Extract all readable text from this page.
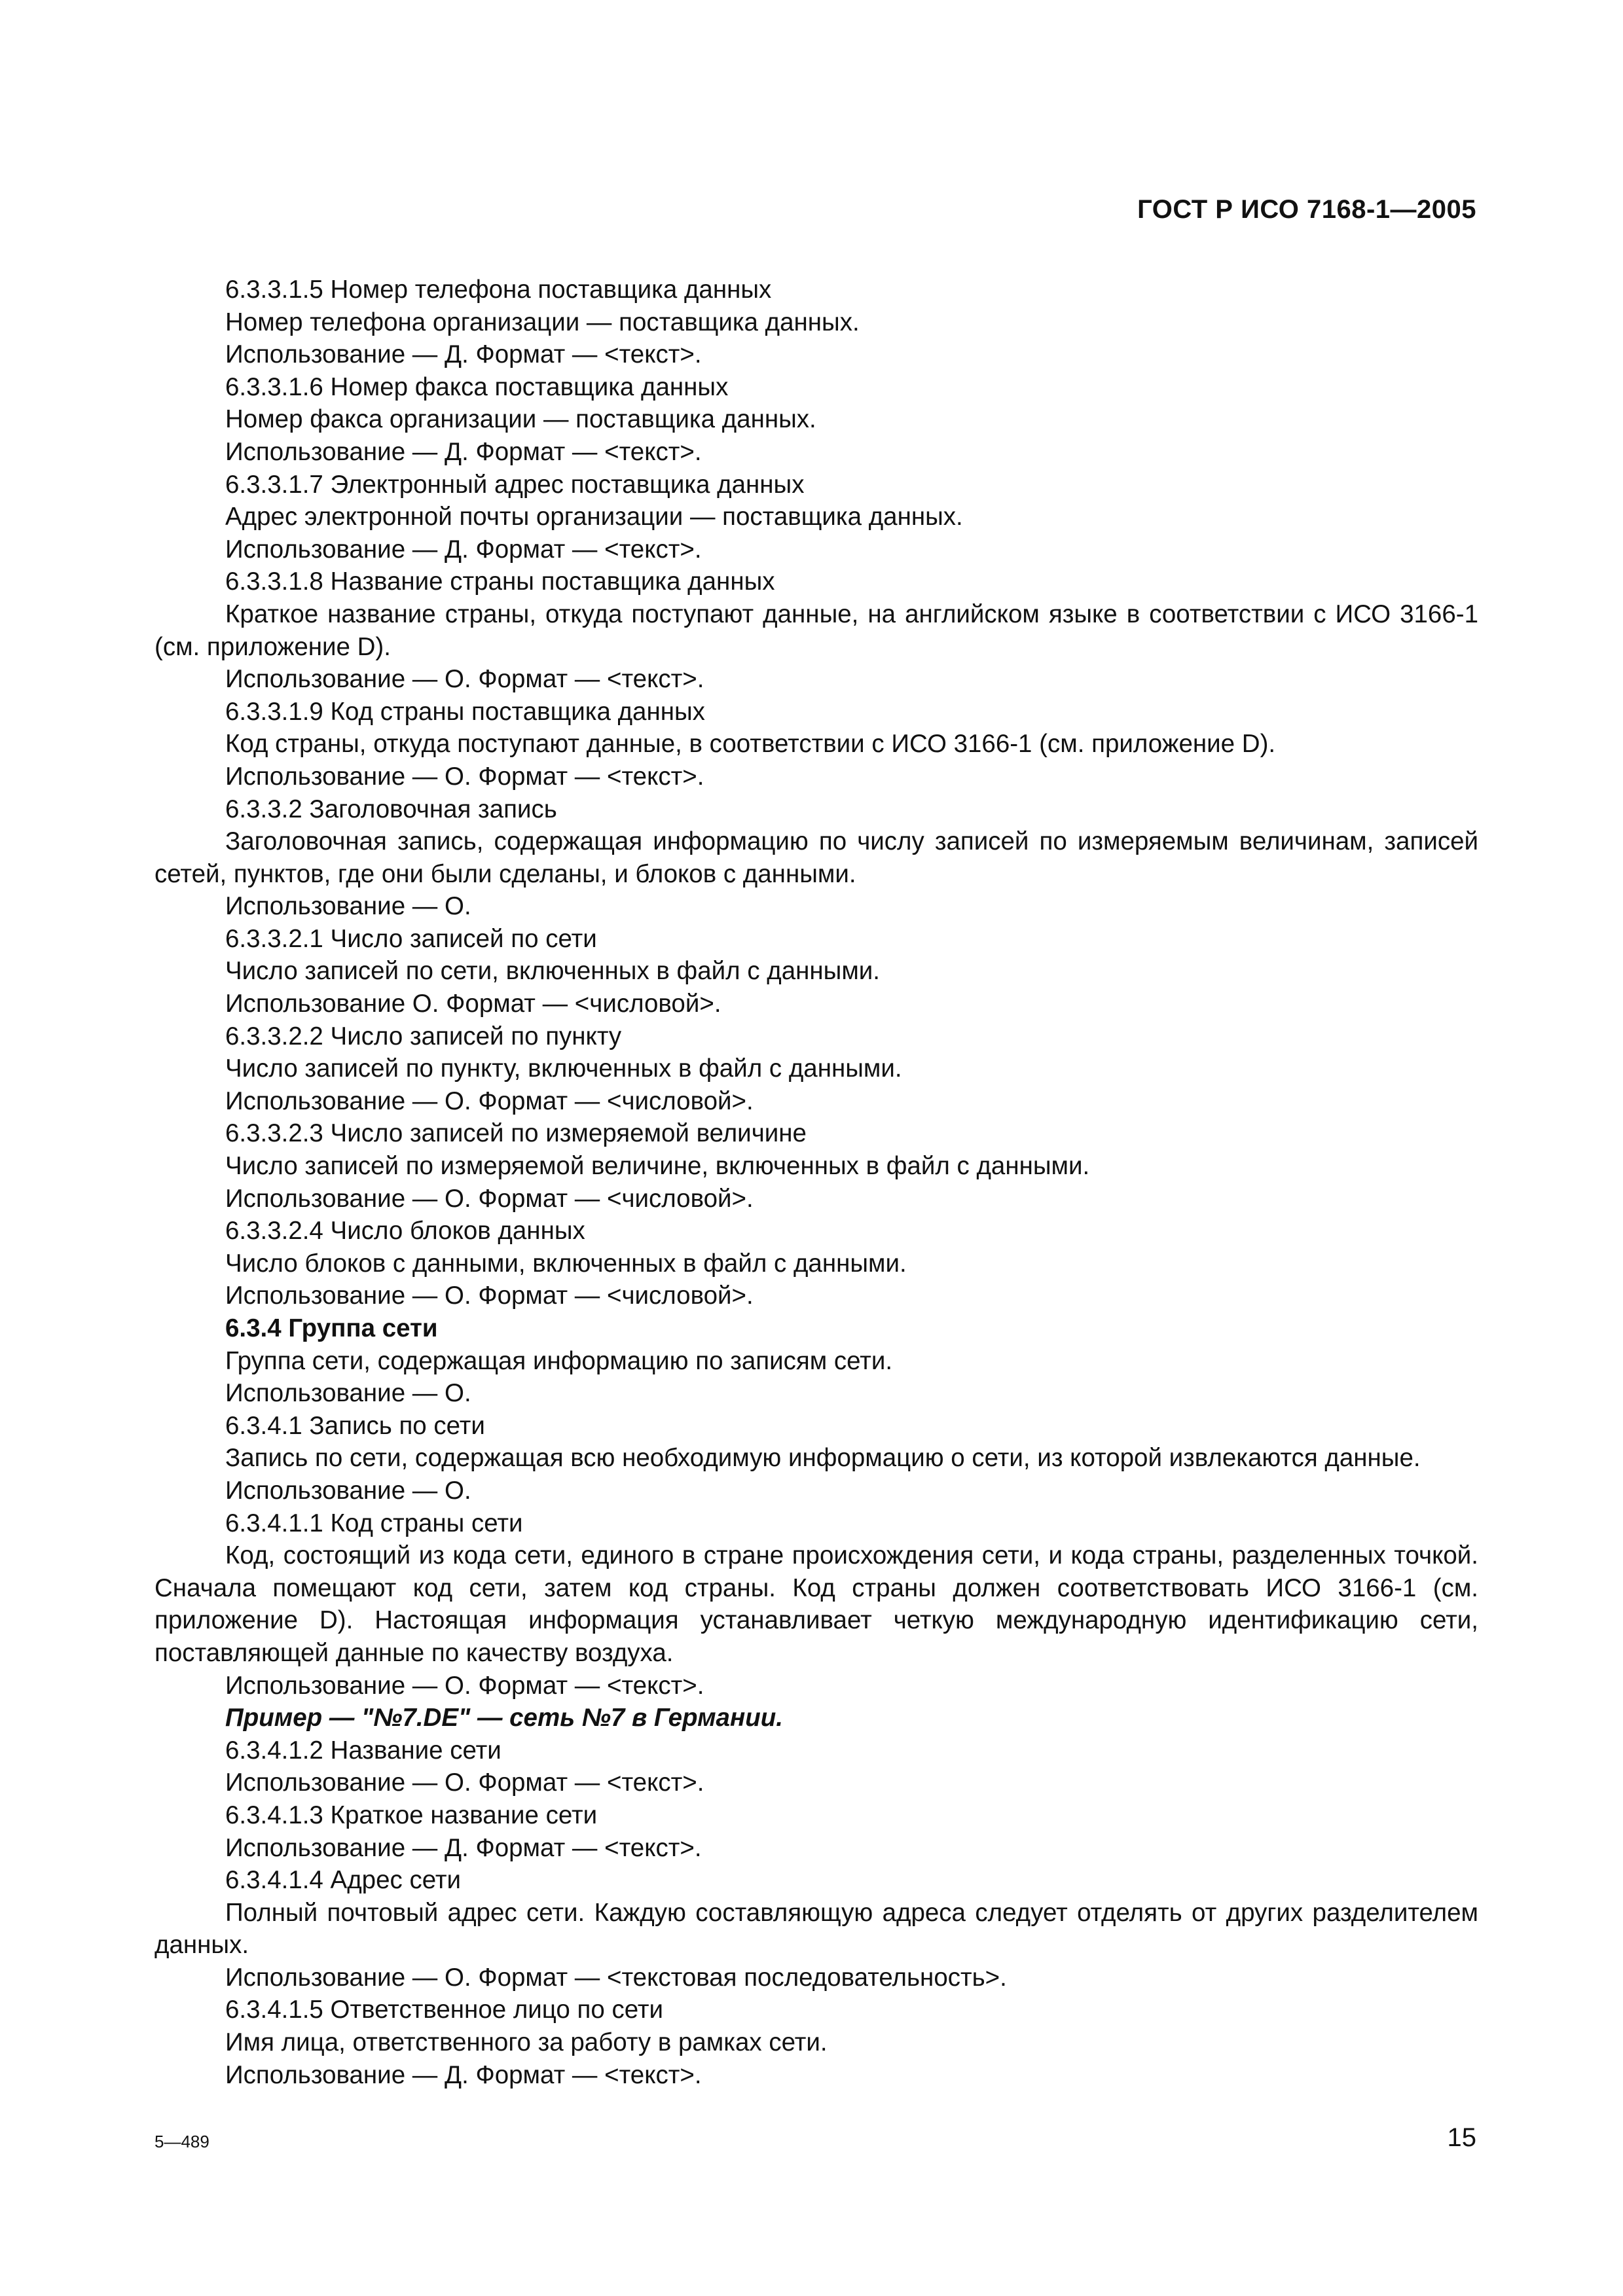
ГОСТ Р ИСО 7168-1—2005

6.3.3.1.5 Номер телефона поставщика данных

Номер телефона организации — поставщика данных.

Использование — Д. Формат — <текст>.

6.3.3.1.6 Номер факса поставщика данных

Номер факса организации — поставщика данных.

Использование — Д. Формат — <текст>.

6.3.3.1.7 Электронный адрес поставщика данных

Адрес электронной почты организации — поставщика данных.

Использование — Д. Формат — <текст>.

6.3.3.1.8 Название страны поставщика данных

Краткое название страны, откуда поступают данные, на английском языке в соответствии с ИСО 3166-1 (см. приложение D).

Использование — О. Формат — <текст>.

6.3.3.1.9 Код страны поставщика данных

Код страны, откуда поступают данные, в соответствии с ИСО 3166-1 (см. приложение D).

Использование — О. Формат — <текст>.

6.3.3.2 Заголовочная запись

Заголовочная запись, содержащая информацию по числу записей по измеряемым величинам, записей сетей, пунктов, где они были сделаны, и блоков с данными.

Использование — О.

6.3.3.2.1 Число записей по сети

Число записей по сети, включенных в файл с данными.

Использование О. Формат — <числовой>.

6.3.3.2.2 Число записей по пункту

Число записей по пункту, включенных в файл с данными.

Использование — О. Формат — <числовой>.

6.3.3.2.3 Число записей по измеряемой величине

Число записей по измеряемой величине, включенных в файл с данными.

Использование — О. Формат — <числовой>.

6.3.3.2.4 Число блоков данных

Число блоков с данными, включенных в файл с данными.

Использование — О. Формат — <числовой>.

6.3.4 Группа сети

Группа сети, содержащая информацию по записям сети.

Использование — О.

6.3.4.1 Запись по сети

Запись по сети, содержащая всю необходимую информацию о сети, из которой извлекаются данные.

Использование — О.

6.3.4.1.1 Код страны сети

Код, состоящий из кода сети, единого в стране происхождения сети, и кода страны, разделенных точкой. Сначала помещают код сети, затем код страны. Код страны должен соответствовать ИСО 3166-1 (см. приложение D). Настоящая информация устанавливает четкую международную идентификацию сети, поставляющей данные по качеству воздуха.

Использование — О. Формат — <текст>.

Пример — "№7.DE" — сеть №7 в Германии.

6.3.4.1.2 Название сети

Использование — О. Формат — <текст>.

6.3.4.1.3 Краткое название сети

Использование — Д. Формат — <текст>.

6.3.4.1.4 Адрес сети

Полный почтовый адрес сети. Каждую составляющую адреса следует отделять от других разделителем данных.

Использование — О. Формат — <текстовая последовательность>.

6.3.4.1.5 Ответственное лицо по сети

Имя лица, ответственного за работу в рамках сети.

Использование — Д. Формат — <текст>.

5—489	15
